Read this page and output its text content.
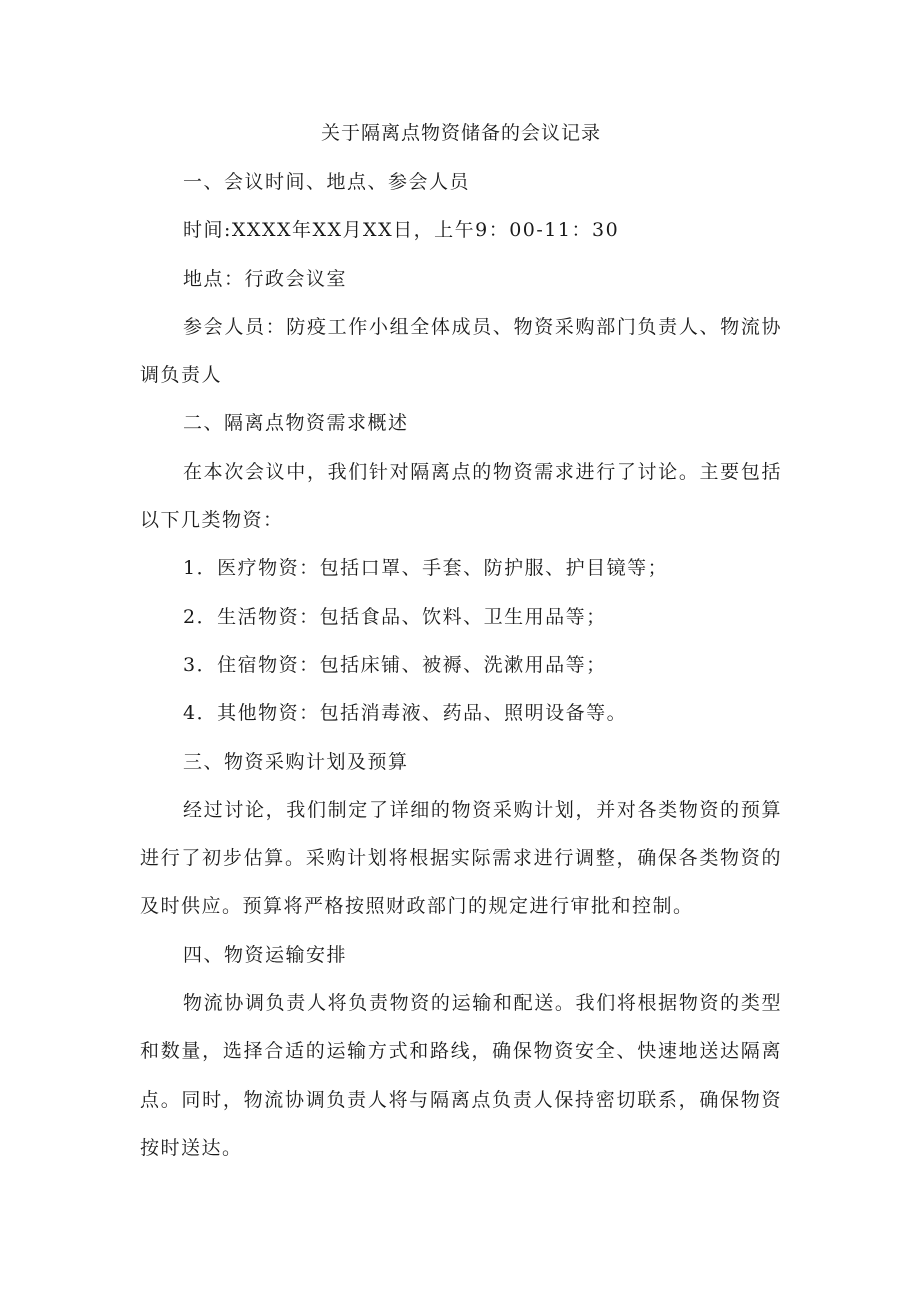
关于隔离点物资储备的会议记录

一、会议时间、地点、参会人员

时间:XXXX年XX月XX日，上午9：00-11：30

地点：行政会议室

参会人员：防疫工作小组全体成员、物资采购部门负责人、物流协调负责人

二、隔离点物资需求概述

在本次会议中，我们针对隔离点的物资需求进行了讨论。主要包括以下几类物资：

1．医疗物资：包括口罩、手套、防护服、护目镜等；

2．生活物资：包括食品、饮料、卫生用品等；

3．住宿物资：包括床铺、被褥、洗漱用品等；

4．其他物资：包括消毒液、药品、照明设备等。

三、物资采购计划及预算

经过讨论，我们制定了详细的物资采购计划，并对各类物资的预算进行了初步估算。采购计划将根据实际需求进行调整，确保各类物资的及时供应。预算将严格按照财政部门的规定进行审批和控制。

四、物资运输安排

物流协调负责人将负责物资的运输和配送。我们将根据物资的类型和数量，选择合适的运输方式和路线，确保物资安全、快速地送达隔离点。同时，物流协调负责人将与隔离点负责人保持密切联系，确保物资按时送达。
